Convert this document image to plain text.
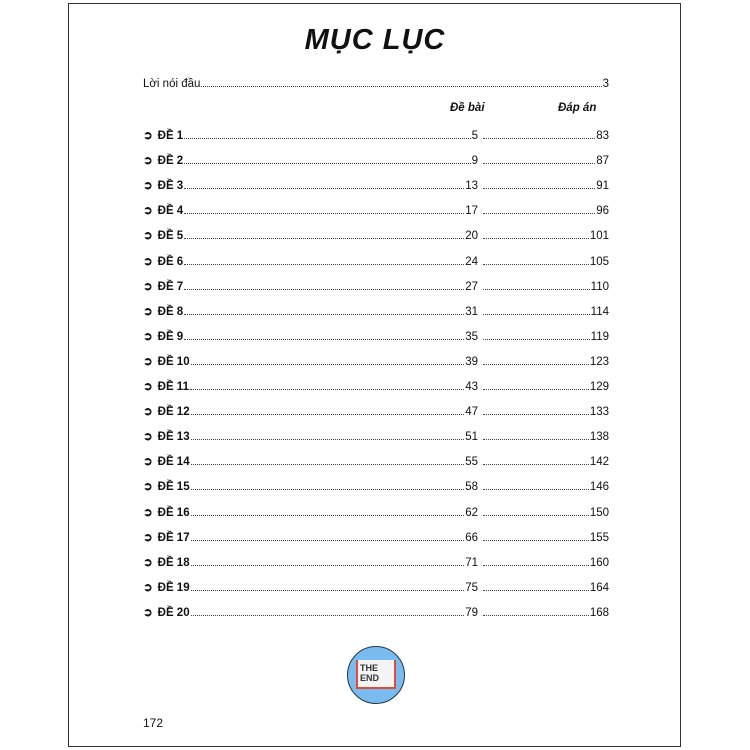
MỤC LỤC
Lời nói đầu	3
Đề bài	Đáp án
➲ ĐỀ 1	5	83
➲ ĐỀ 2	9	87
➲ ĐỀ 3	13	91
➲ ĐỀ 4	17	96
➲ ĐỀ 5	20	101
➲ ĐỀ 6	24	105
➲ ĐỀ 7	27	110
➲ ĐỀ 8	31	114
➲ ĐỀ 9	35	119
➲ ĐỀ 10	39	123
➲ ĐỀ 11	43	129
➲ ĐỀ 12	47	133
➲ ĐỀ 13	51	138
➲ ĐỀ 14	55	142
➲ ĐỀ 15	58	146
➲ ĐỀ 16	62	150
➲ ĐỀ 17	66	155
➲ ĐỀ 18	71	160
➲ ĐỀ 19	75	164
➲ ĐỀ 20	79	168
THE
END
172
